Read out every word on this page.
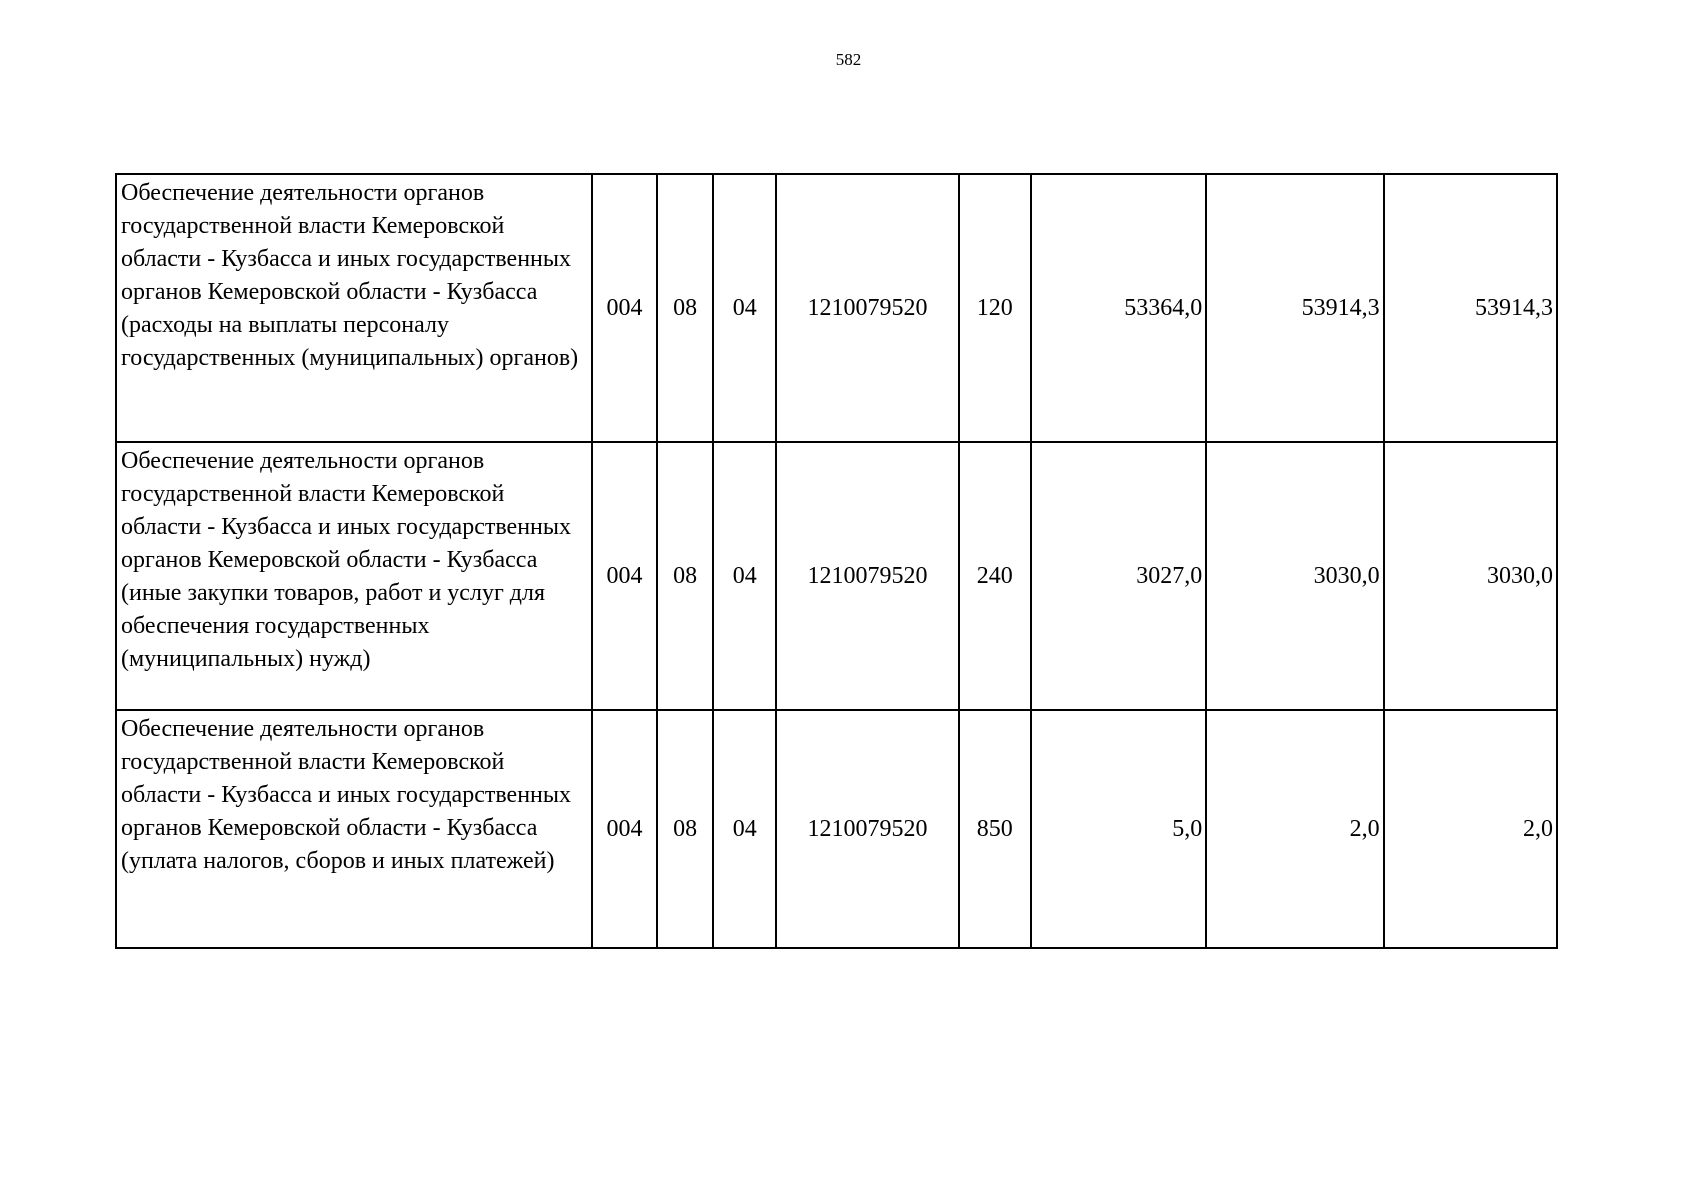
582
Обеспечение деятельности органов государственной власти Кемеровской области - Кузбасса и иных государственных органов Кемеровской области - Кузбасса (расходы на выплаты персоналу государственных (муниципальных) органов)	004	08	04	1210079520	120	53364,0	53914,3	53914,3
Обеспечение деятельности органов государственной власти Кемеровской области - Кузбасса и иных государственных органов Кемеровской области - Кузбасса (иные закупки товаров, работ и услуг для обеспечения государственных (муниципальных) нужд)	004	08	04	1210079520	240	3027,0	3030,0	3030,0
Обеспечение деятельности органов государственной власти Кемеровской области - Кузбасса и иных государственных органов Кемеровской области - Кузбасса (уплата налогов, сборов и иных платежей)	004	08	04	1210079520	850	5,0	2,0	2,0
